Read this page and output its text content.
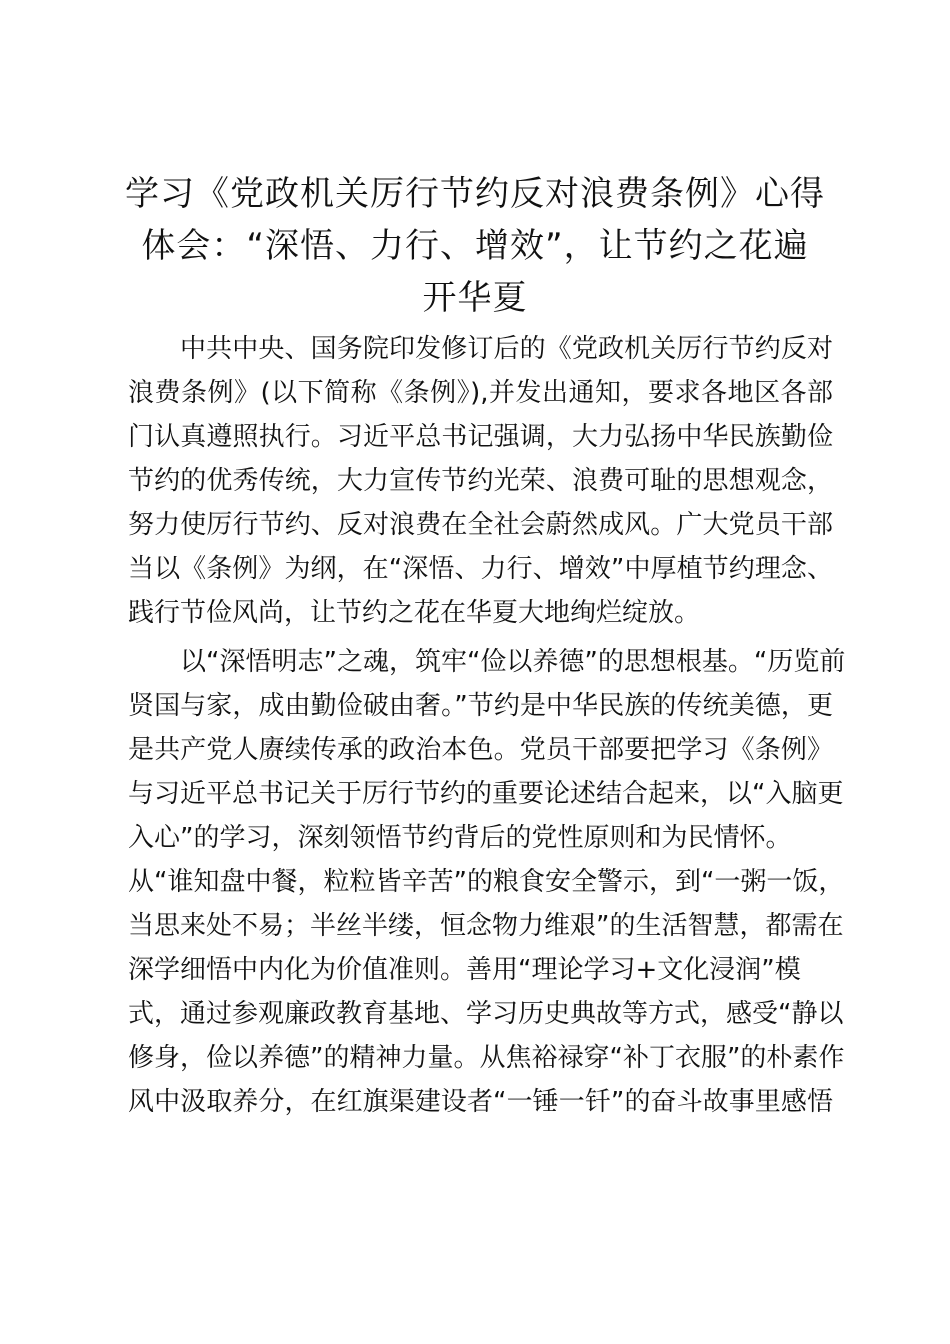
学习《党政机关厉行节约反对浪费条例》心得
体会：“深悟、力行、增效”，让节约之花遍
开华夏

中共中央、国务院印发修订后的《党政机关厉行节约反对

浪费条例》(以下简称《条例》),并发出通知，要求各地区各部

门认真遵照执行。习近平总书记强调，大力弘扬中华民族勤俭

节约的优秀传统，大力宣传节约光荣、浪费可耻的思想观念，

努力使厉行节约、反对浪费在全社会蔚然成风。广大党员干部

当以《条例》为纲，在“深悟、力行、增效”中厚植节约理念、

践行节俭风尚，让节约之花在华夏大地绚烂绽放。

以“深悟明志”之魂，筑牢“俭以养德”的思想根基。“历览前

贤国与家，成由勤俭破由奢。”节约是中华民族的传统美德，更

是共产党人赓续传承的政治本色。党员干部要把学习《条例》

与习近平总书记关于厉行节约的重要论述结合起来，以“入脑更

入心”的学习，深刻领悟节约背后的党性原则和为民情怀。

从“谁知盘中餐，粒粒皆辛苦”的粮食安全警示，到“一粥一饭，

当思来处不易；半丝半缕，恒念物力维艰”的生活智慧，都需在

深学细悟中内化为价值准则。善用“理论学习+文化浸润”模

式，通过参观廉政教育基地、学习历史典故等方式，感受“静以

修身，俭以养德”的精神力量。从焦裕禄穿“补丁衣服”的朴素作

风中汲取养分，在红旗渠建设者“一锤一钎”的奋斗故事里感悟
